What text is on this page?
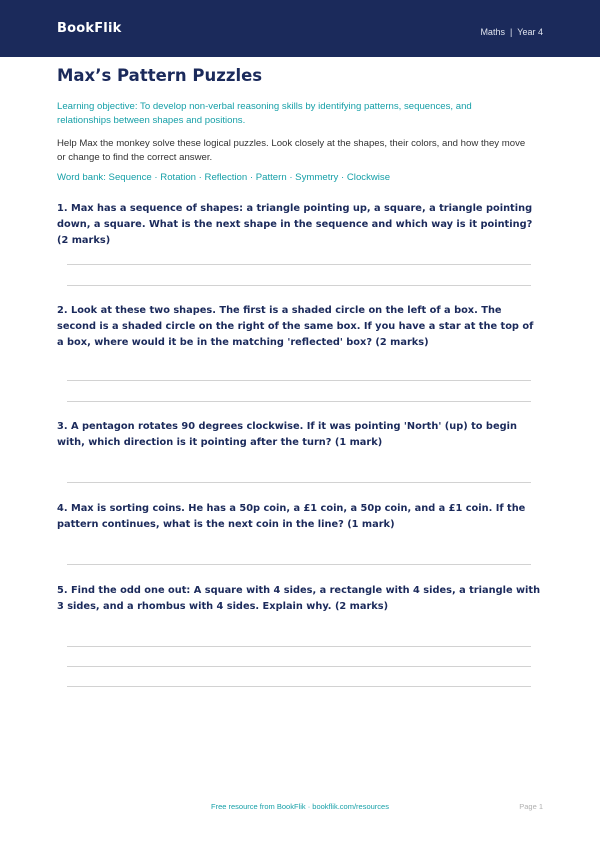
BookFlik	Maths | Year 4
Max’s Pattern Puzzles
Learning objective: To develop non-verbal reasoning skills by identifying patterns, sequences, and relationships between shapes and positions.
Help Max the monkey solve these logical puzzles. Look closely at the shapes, their colors, and how they move or change to find the correct answer.
Word bank: Sequence · Rotation · Reflection · Pattern · Symmetry · Clockwise
1. Max has a sequence of shapes: a triangle pointing up, a square, a triangle pointing down, a square. What is the next shape in the sequence and which way is it pointing? (2 marks)
2. Look at these two shapes. The first is a shaded circle on the left of a box. The second is a shaded circle on the right of the same box. If you have a star at the top of a box, where would it be in the matching 'reflected' box? (2 marks)
3. A pentagon rotates 90 degrees clockwise. If it was pointing 'North' (up) to begin with, which direction is it pointing after the turn? (1 mark)
4. Max is sorting coins. He has a 50p coin, a £1 coin, a 50p coin, and a £1 coin. If the pattern continues, what is the next coin in the line? (1 mark)
5. Find the odd one out: A square with 4 sides, a rectangle with 4 sides, a triangle with 3 sides, and a rhombus with 4 sides. Explain why. (2 marks)
Free resource from BookFlik · bookflik.com/resources	Page 1
